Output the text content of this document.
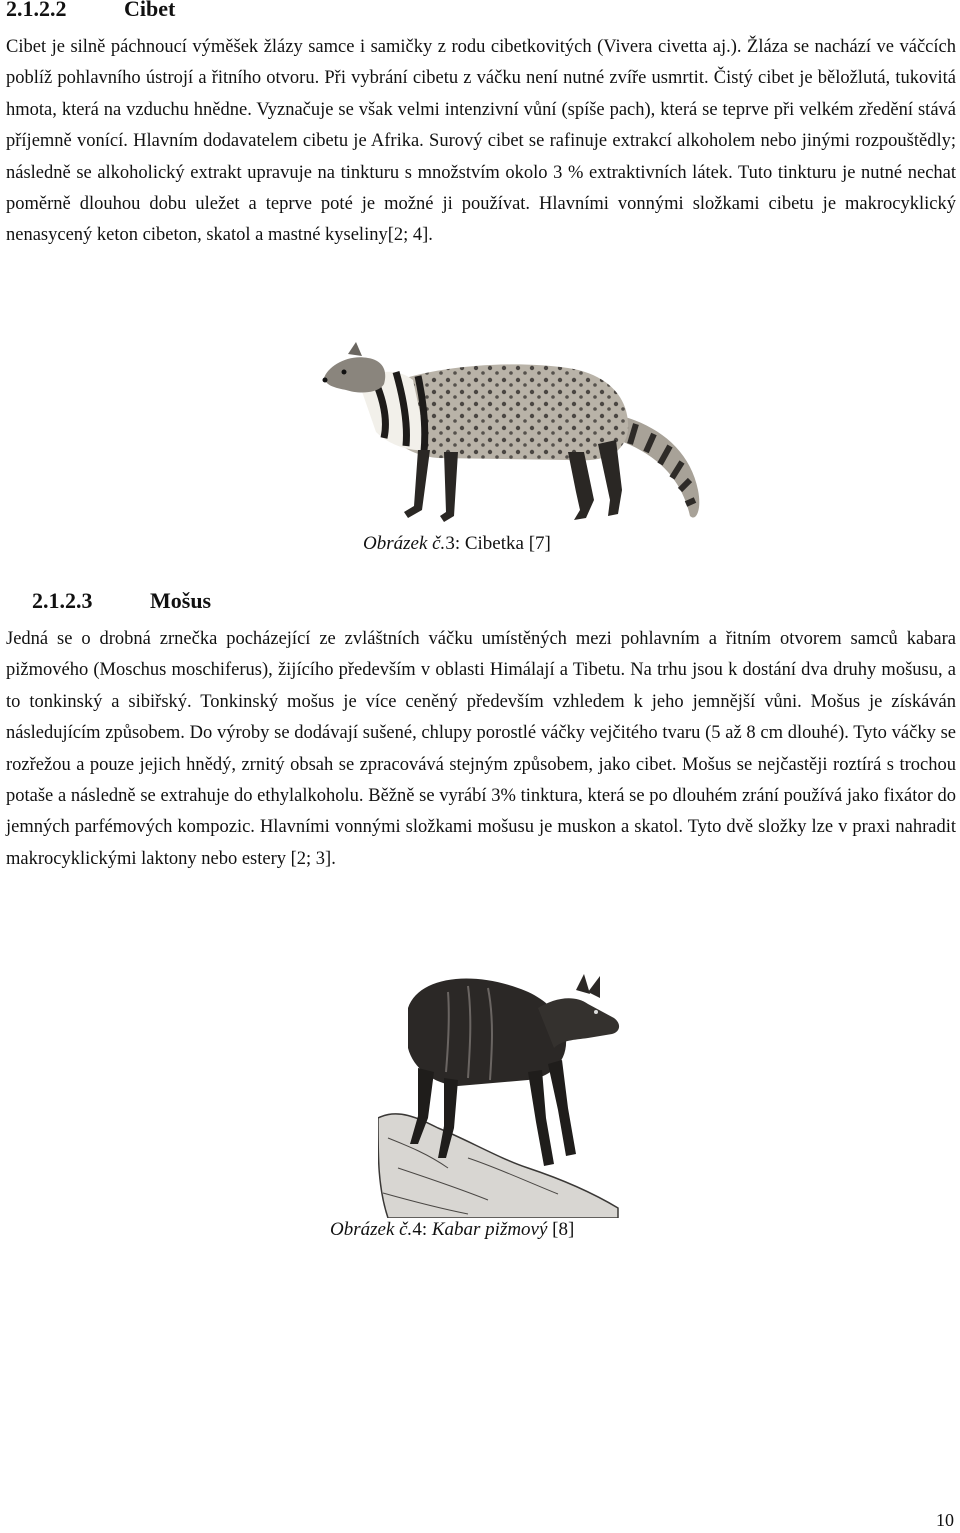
2.1.2.2	Cibet

Cibet je silně páchnoucí výměšek žlázy samce i samičky z rodu cibetkovitých (Vivera civetta aj.). Žláza se nachází ve váčcích poblíž pohlavního ústrojí a řitního otvoru. Při vybrání cibetu z váčku není nutné zvíře usmrtit. Čistý cibet je běložlutá, tukovitá hmota, která na vzduchu hnědne. Vyznačuje se však velmi intenzivní vůní (spíše pach), která se teprve při velkém zředění stává příjemně vonící. Hlavním dodavatelem cibetu je Afrika. Surový cibet se rafinuje extrakcí alkoholem nebo jinými rozpouštědly; následně se alkoholický extrakt upravuje na tinkturu s množstvím okolo 3 % extraktivních látek. Tuto tinkturu je nutné nechat poměrně dlouhou dobu uležet a teprve poté je možné ji používat. Hlavními vonnými složkami cibetu je makrocyklický nenasycený keton cibeton, skatol a mastné kyseliny[2; 4].

Obrázek č.3: Cibetka [7]

2.1.2.3	Mošus

Jedná se o drobná zrnečka pocházející ze zvláštních váčku umístěných mezi pohlavním a řitním otvorem samců kabara pižmového (Moschus moschiferus), žijícího především v oblasti Himálají a Tibetu. Na trhu jsou k dostání dva druhy mošusu, a to tonkinský a sibiřský. Tonkinský mošus je více ceněný především vzhledem k jeho jemnější vůni. Mošus je získáván následujícím způsobem. Do výroby se dodávají sušené, chlupy porostlé váčky vejčitého tvaru (5 až 8 cm dlouhé). Tyto váčky se rozřežou a pouze jejich hnědý, zrnitý obsah se zpracovává stejným způsobem, jako cibet. Mošus se nejčastěji roztírá s trochou potaše a následně se extrahuje do ethylalkoholu. Běžně se vyrábí 3% tinktura, která se po dlouhém zrání používá jako fixátor do jemných parfémových kompozic. Hlavními vonnými složkami mošusu je muskon a skatol. Tyto dvě složky lze v praxi nahradit makrocyklickými laktony nebo estery [2; 3].

Obrázek č.4: Kabar pižmový [8]

10
